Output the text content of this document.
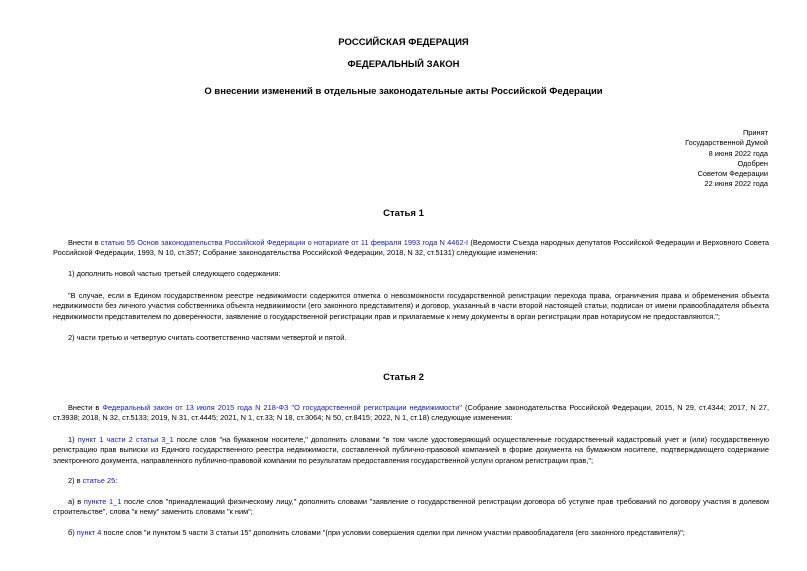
РОССИЙСКАЯ ФЕДЕРАЦИЯ
ФЕДЕРАЛЬНЫЙ ЗАКОН
О внесении изменений в отдельные законодательные акты Российской Федерации
Принят
Государственной Думой
8 июня 2022 года
Одобрен
Советом Федерации
22 июня 2022 года
Статья 1
Внести в статью 55 Основ законодательства Российской Федерации о нотариате от 11 февраля 1993 года N 4462-I (Ведомости Съезда народных депутатов Российской Федерации и Верховного Совета Российской Федерации, 1993, N 10, ст.357; Собрание законодательства Российской Федерации, 2018, N 32, ст.5131) следующие изменения:
1) дополнить новой частью третьей следующего содержания:
"В случае, если в Едином государственном реестре недвижимости содержится отметка о невозможности государственной регистрации перехода права, ограничения права и обременения объекта недвижимости без личного участия собственника объекта недвижимости (его законного представителя) и договор, указанный в части второй настоящей статьи, подписан от имени правообладателя объекта недвижимости представителем по доверенности, заявление о государственной регистрации прав и прилагаемые к нему документы в орган регистрации прав нотариусом не предоставляются.";
2) части третью и четвертую считать соответственно частями четвертой и пятой.
Статья 2
Внести в Федеральный закон от 13 июля 2015 года N 218-ФЗ "О государственной регистрации недвижимости" (Собрание законодательства Российской Федерации, 2015, N 29, ст.4344; 2017, N 27, ст.3938; 2018, N 32, ст.5133; 2019, N 31, ст.4445; 2021, N 1, ст.33; N 18, ст.3064; N 50, ст.8415; 2022, N 1, ст.18) следующие изменения:
1) пункт 1 части 2 статьи 3_1 после слов "на бумажном носителе," дополнить словами "в том числе удостоверяющий осуществленные государственный кадастровый учет и (или) государственную регистрацию прав выписки из Единого государственного реестра недвижимости, составленной публично-правовой компанией в форме документа на бумажном носителе, подтверждающего содержание электронного документа, направленного публично-правовой компании по результатам предоставления государственной услуги органом регистрации прав,";
2) в статье 25:
а) в пункте 1_1 после слов "принадлежащий физическому лицу," дополнить словами "заявление о государственной регистрации договора об уступке прав требований по договору участия в долевом строительстве", слова "к нему" заменить словами "к ним";
б) пункт 4 после слов "и пунктом 5 части 3 статьи 15" дополнить словами "(при условии совершения сделки при личном участии правообладателя (его законного представителя)";
